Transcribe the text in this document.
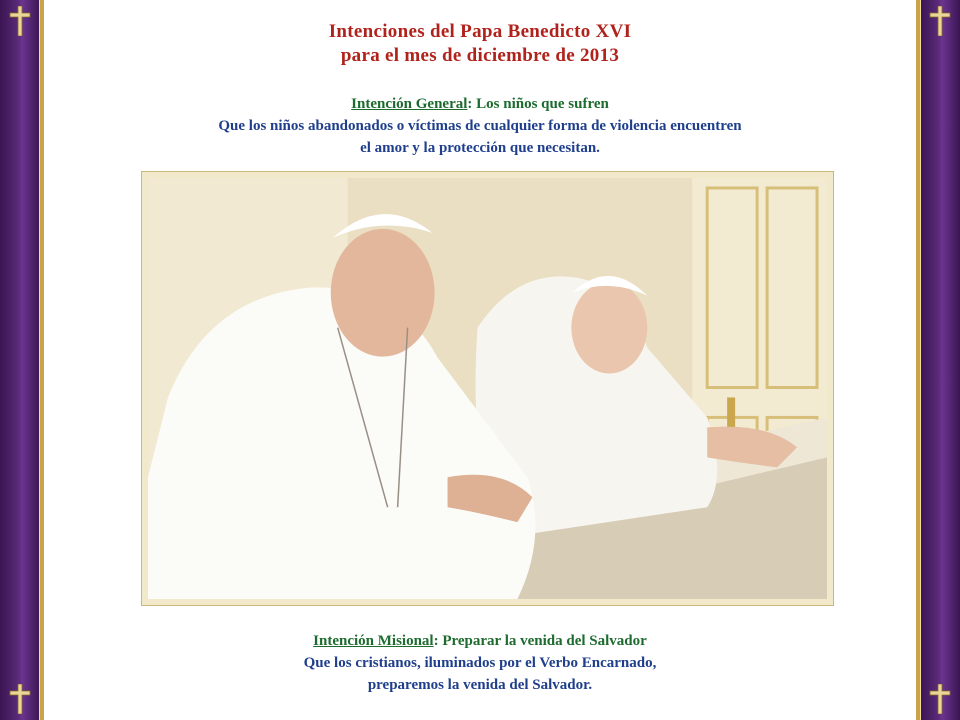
Intenciones del Papa Benedicto XVI
para el mes de diciembre de 2013
Intención General: Los niños que sufren
Que los niños abandonados o víctimas de cualquier forma de violencia encuentren
el amor y la protección que necesitan.
Intención Misional: Preparar la venida del Salvador
Que los cristianos, iluminados por el Verbo Encarnado,
preparemos la venida del Salvador.
